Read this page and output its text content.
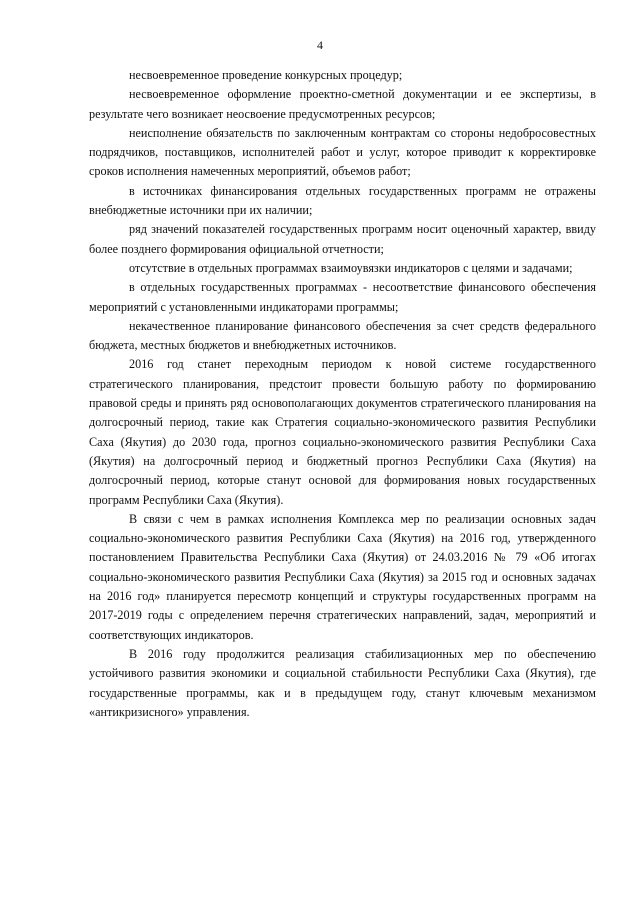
4

несвоевременное проведение конкурсных процедур;

несвоевременное оформление проектно-сметной документации и ее экспертизы, в результате чего возникает неосвоение предусмотренных ресурсов;

неисполнение обязательств по заключенным контрактам со стороны недобросовестных подрядчиков, поставщиков, исполнителей работ и услуг, которое приводит к корректировке сроков исполнения намеченных мероприятий, объемов работ;

в источниках финансирования отдельных государственных программ не отражены внебюджетные источники при их наличии;

ряд значений показателей государственных программ носит оценочный характер, ввиду более позднего формирования официальной отчетности;

отсутствие в отдельных программах взаимоувязки индикаторов с целями и задачами;

в отдельных государственных программах - несоответствие финансового обеспечения мероприятий с установленными индикаторами программы;

некачественное планирование финансового обеспечения за счет средств федерального бюджета, местных бюджетов и внебюджетных источников.

2016 год станет переходным периодом к новой системе государственного стратегического планирования, предстоит провести большую работу по формированию правовой среды и принять ряд основополагающих документов стратегического планирования на долгосрочный период, такие как Стратегия социально-экономического развития Республики Саха (Якутия) до 2030 года, прогноз социально-экономического развития Республики Саха (Якутия) на долгосрочный период и бюджетный прогноз Республики Саха (Якутия) на долгосрочный период, которые станут основой для формирования новых государственных программ Республики Саха (Якутия).

В связи с чем в рамках исполнения Комплекса мер по реализации основных задач социально-экономического развития Республики Саха (Якутия) на 2016 год, утвержденного постановлением Правительства Республики Саха (Якутия) от 24.03.2016 № 79 «Об итогах социально-экономического развития Республики Саха (Якутия) за 2015 год и основных задачах на 2016 год» планируется пересмотр концепций и структуры государственных программ на 2017-2019 годы с определением перечня стратегических направлений, задач, мероприятий и соответствующих индикаторов.

В 2016 году продолжится реализация стабилизационных мер по обеспечению устойчивого развития экономики и социальной стабильности Республики Саха (Якутия), где государственные программы, как и в предыдущем году, станут ключевым механизмом «антикризисного» управления.
